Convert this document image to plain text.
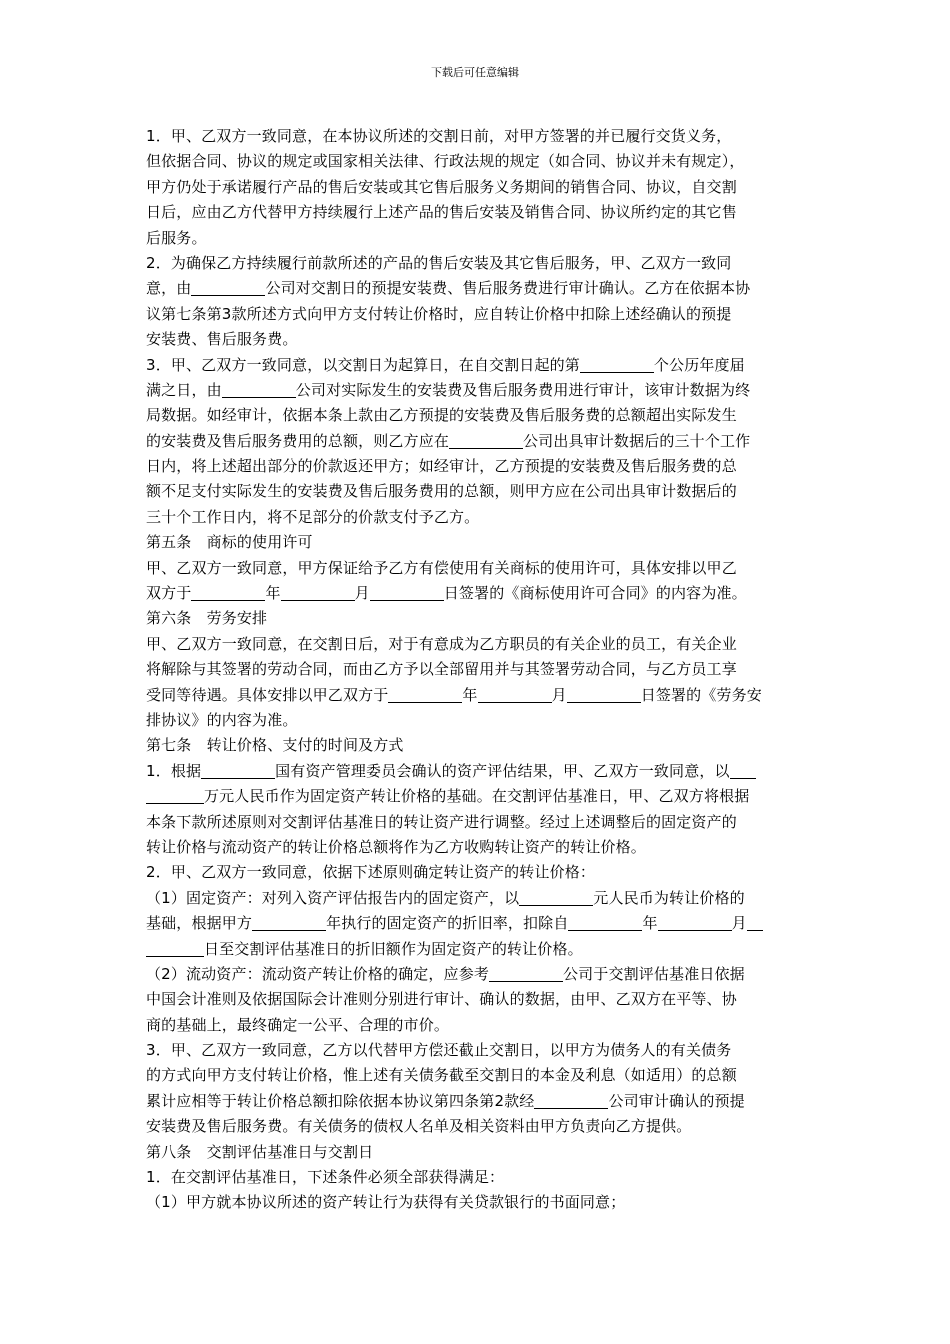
下载后可任意编辑
1．甲、乙双方一致同意，在本协议所述的交割日前，对甲方签署的并已履行交货义务，
但依据合同、协议的规定或国家相关法律、行政法规的规定（如合同、协议并未有规定），
甲方仍处于承诺履行产品的售后安装或其它售后服务义务期间的销售合同、协议，自交割
日后，应由乙方代替甲方持续履行上述产品的售后安装及销售合同、协议所约定的其它售
后服务。
2．为确保乙方持续履行前款所述的产品的售后安装及其它售后服务，甲、乙双方一致同
意，由	公司对交割日的预提安装费、售后服务费进行审计确认。乙方在依据本协
议第七条第3款所述方式向甲方支付转让价格时，应自转让价格中扣除上述经确认的预提
安装费、售后服务费。
3．甲、乙双方一致同意，以交割日为起算日，在自交割日起的第	个公历年度届
满之日，由	公司对实际发生的安装费及售后服务费用进行审计，该审计数据为终
局数据。如经审计，依据本条上款由乙方预提的安装费及售后服务费的总额超出实际发生
的安装费及售后服务费用的总额，则乙方应在	公司出具审计数据后的三十个工作
日内，将上述超出部分的价款返还甲方；如经审计，乙方预提的安装费及售后服务费的总
额不足支付实际发生的安装费及售后服务费用的总额，则甲方应在公司出具审计数据后的
三十个工作日内，将不足部分的价款支付予乙方。
第五条　商标的使用许可
甲、乙双方一致同意，甲方保证给予乙方有偿使用有关商标的使用许可，具体安排以甲乙
双方于	年	月	日签署的《商标使用许可合同》的内容为准。
第六条　劳务安排
甲、乙双方一致同意，在交割日后，对于有意成为乙方职员的有关企业的员工，有关企业
将解除与其签署的劳动合同，而由乙方予以全部留用并与其签署劳动合同，与乙方员工享
受同等待遇。具体安排以甲乙双方于	年	月	日签署的《劳务安
排协议》的内容为准。
第七条　转让价格、支付的时间及方式
1．根据	国有资产管理委员会确认的资产评估结果，甲、乙双方一致同意，以
万元人民币作为固定资产转让价格的基础。在交割评估基准日，甲、乙双方将根据
本条下款所述原则对交割评估基准日的转让资产进行调整。经过上述调整后的固定资产的
转让价格与流动资产的转让价格总额将作为乙方收购转让资产的转让价格。
2．甲、乙双方一致同意，依据下述原则确定转让资产的转让价格：
（1）固定资产：对列入资产评估报告内的固定资产，以	元人民币为转让价格的
基础，根据甲方	年执行的固定资产的折旧率，扣除自	年	月
日至交割评估基准日的折旧额作为固定资产的转让价格。
（2）流动资产：流动资产转让价格的确定，应参考	公司于交割评估基准日依据
中国会计准则及依据国际会计准则分别进行审计、确认的数据，由甲、乙双方在平等、协
商的基础上，最终确定一公平、合理的市价。
3．甲、乙双方一致同意，乙方以代替甲方偿还截止交割日，以甲方为债务人的有关债务
的方式向甲方支付转让价格，惟上述有关债务截至交割日的本金及利息（如适用）的总额
累计应相等于转让价格总额扣除依据本协议第四条第2款经	公司审计确认的预提
安装费及售后服务费。有关债务的债权人名单及相关资料由甲方负责向乙方提供。
第八条　交割评估基准日与交割日
1．在交割评估基准日，下述条件必须全部获得满足：
（1）甲方就本协议所述的资产转让行为获得有关贷款银行的书面同意；
